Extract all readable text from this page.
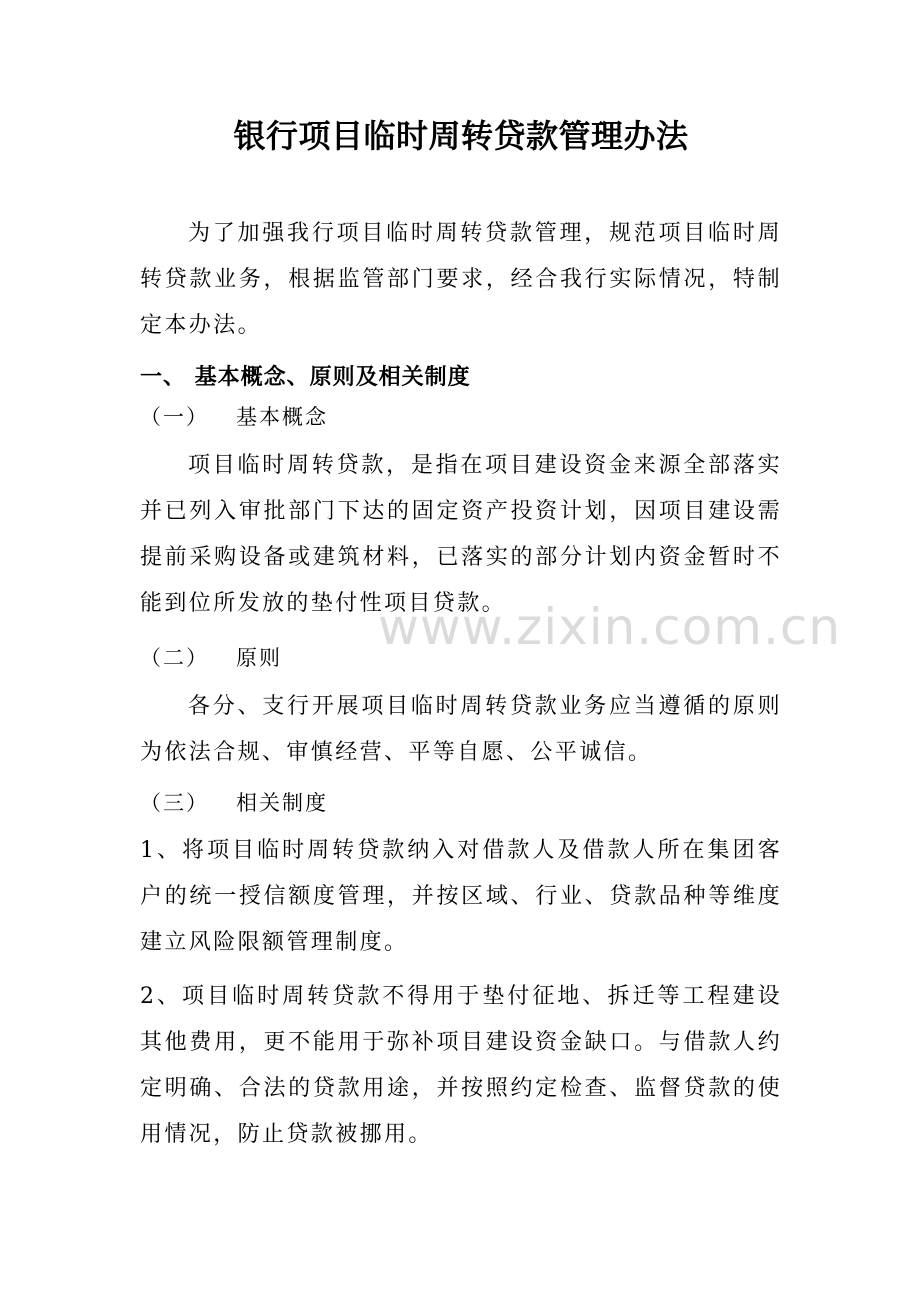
银行项目临时周转贷款管理办法
为了加强我行项目临时周转贷款管理，规范项目临时周转贷款业务，根据监管部门要求，经合我行实际情况，特制定本办法。
一、 基本概念、原则及相关制度
（一） 基本概念
项目临时周转贷款，是指在项目建设资金来源全部落实并已列入审批部门下达的固定资产投资计划，因项目建设需提前采购设备或建筑材料，已落实的部分计划内资金暂时不能到位所发放的垫付性项目贷款。
（二） 原则
各分、支行开展项目临时周转贷款业务应当遵循的原则为依法合规、审慎经营、平等自愿、公平诚信。
（三） 相关制度
1、将项目临时周转贷款纳入对借款人及借款人所在集团客户的统一授信额度管理，并按区域、行业、贷款品种等维度建立风险限额管理制度。
2、项目临时周转贷款不得用于垫付征地、拆迁等工程建设其他费用，更不能用于弥补项目建设资金缺口。与借款人约定明确、合法的贷款用途，并按照约定检查、监督贷款的使用情况，防止贷款被挪用。
www.zixin.com.cn
